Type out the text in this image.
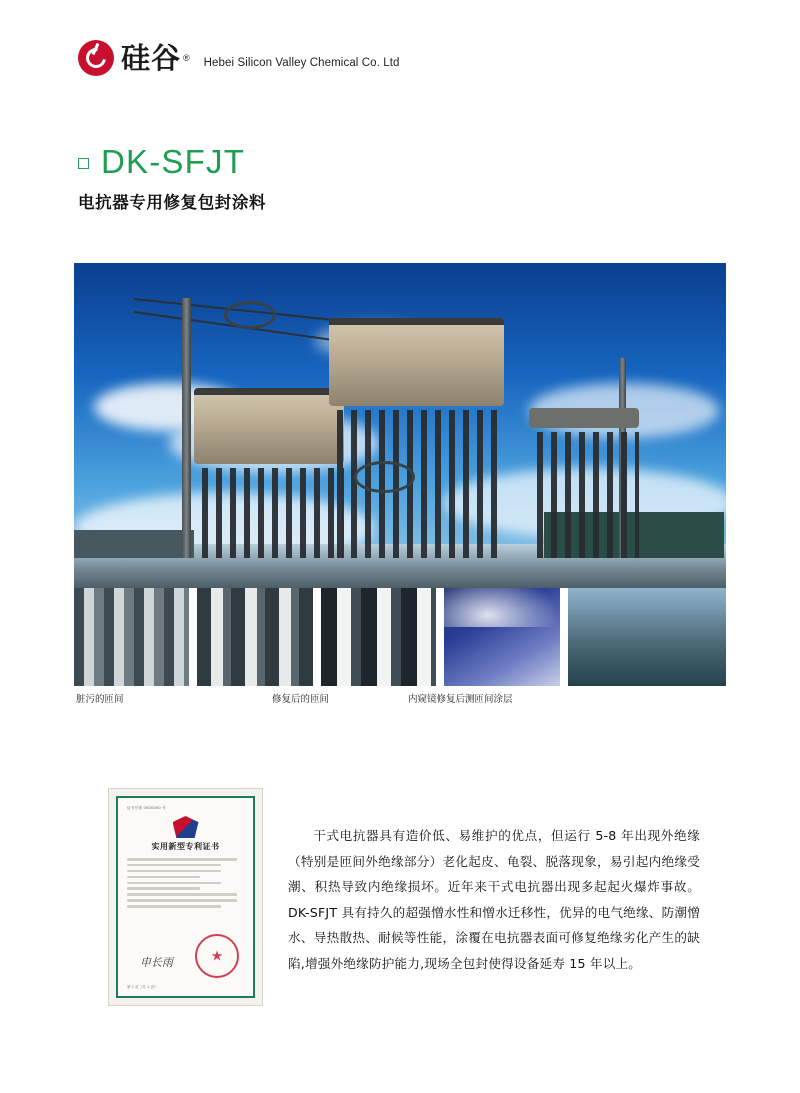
硅谷 ® Hebei Silicon Valley Chemical Co. Ltd
DK-SFJT
电抗器专用修复包封涂料
脏污的匝间	修复后的匝间	内窥镜修复后测匝间涂层
证书号第 0000000 号
实用新型专利证书
申长雨
★
第 1 页（共 1 页）
干式电抗器具有造价低、易维护的优点，但运行 5-8 年出现外绝缘（特别是匝间外绝缘部分）老化起皮、龟裂、脱落现象，易引起内绝缘受潮、积热导致内绝缘损坏。近年来干式电抗器出现多起起火爆炸事故。DK-SFJT 具有持久的超强憎水性和憎水迁移性，优异的电气绝缘、防潮憎水、导热散热、耐候等性能，涂覆在电抗器表面可修复绝缘劣化产生的缺陷,增强外绝缘防护能力,现场全包封使得设备延寿 15 年以上。
